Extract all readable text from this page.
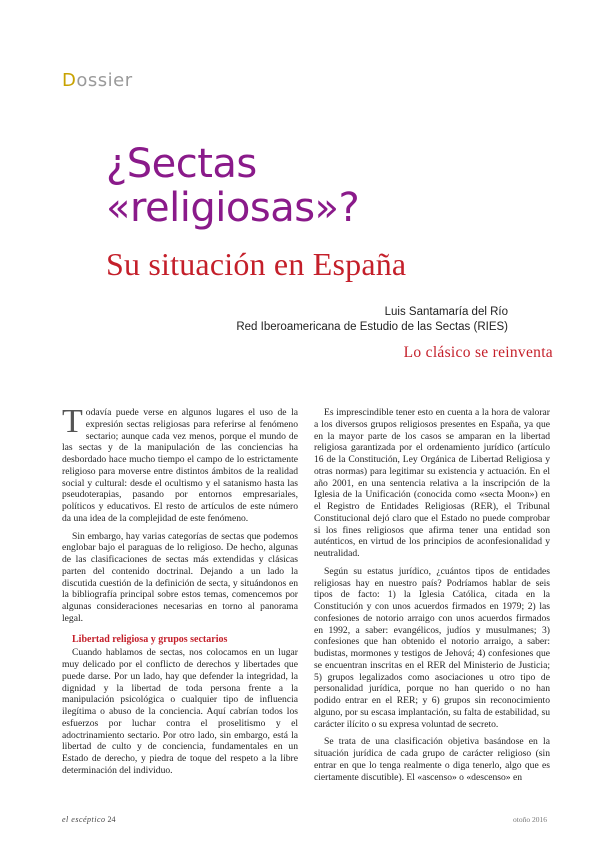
Dossier
¿Sectas
«religiosas»?
Su situación en España
Luis Santamaría del Río
Red Iberoamericana de Estudio de las Sectas (RIES)
Lo clásico se reinventa

Todavía puede verse en algunos lugares el uso de la expresión sectas religiosas para referirse al fenómeno sectario; aunque cada vez menos, porque el mundo de las sectas y de la manipulación de las conciencias ha desbordado hace mucho tiempo el campo de lo estrictamente religioso para moverse entre distintos ámbitos de la realidad social y cultural: desde el ocultismo y el satanismo hasta las pseudoterapias, pasando por entornos empresariales, políticos y educativos. El resto de artículos de este número da una idea de la complejidad de este fenómeno.

Sin embargo, hay varias categorías de sectas que podemos englobar bajo el paraguas de lo religioso. De hecho, algunas de las clasificaciones de sectas más extendidas y clásicas parten del contenido doctrinal. Dejando a un lado la discutida cuestión de la definición de secta, y situándonos en la bibliografía principal sobre estos temas, comencemos por algunas consideraciones necesarias en torno al panorama legal.

Libertad religiosa y grupos sectarios

Cuando hablamos de sectas, nos colocamos en un lugar muy delicado por el conflicto de derechos y libertades que puede darse. Por un lado, hay que defender la integridad, la dignidad y la libertad de toda persona frente a la manipulación psicológica o cualquier tipo de influencia ilegítima o abuso de la conciencia. Aquí cabrían todos los esfuerzos por luchar contra el proselitismo y el adoctrinamiento sectario. Por otro lado, sin embargo, está la libertad de culto y de conciencia, fundamentales en un Estado de derecho, y piedra de toque del respeto a la libre determinación del individuo.

Es imprescindible tener esto en cuenta a la hora de valorar a los diversos grupos religiosos presentes en España, ya que en la mayor parte de los casos se amparan en la libertad religiosa garantizada por el ordenamiento jurídico (artículo 16 de la Constitución, Ley Orgánica de Libertad Religiosa y otras normas) para legitimar su existencia y actuación. En el año 2001, en una sentencia relativa a la inscripción de la Iglesia de la Unificación (conocida como «secta Moon») en el Registro de Entidades Religiosas (RER), el Tribunal Constitucional dejó claro que el Estado no puede comprobar si los fines religiosos que afirma tener una entidad son auténticos, en virtud de los principios de aconfesionalidad y neutralidad.

Según su estatus jurídico, ¿cuántos tipos de entidades religiosas hay en nuestro país? Podríamos hablar de seis tipos de facto: 1) la Iglesia Católica, citada en la Constitución y con unos acuerdos firmados en 1979; 2) las confesiones de notorio arraigo con unos acuerdos firmados en 1992, a saber: evangélicos, judíos y musulmanes; 3) confesiones que han obtenido el notorio arraigo, a saber: budistas, mormones y testigos de Jehová; 4) confesiones que se encuentran inscritas en el RER del Ministerio de Justicia; 5) grupos legalizados como asociaciones u otro tipo de personalidad jurídica, porque no han querido o no han podido entrar en el RER; y 6) grupos sin reconocimiento alguno, por su escasa implantación, su falta de estabilidad, su carácter ilícito o su expresa voluntad de secreto.

Se trata de una clasificación objetiva basándose en la situación jurídica de cada grupo de carácter religioso (sin entrar en que lo tenga realmente o diga tenerlo, algo que es ciertamente discutible). El «ascenso» o «descenso» en

el escéptico 24	otoño 2016
